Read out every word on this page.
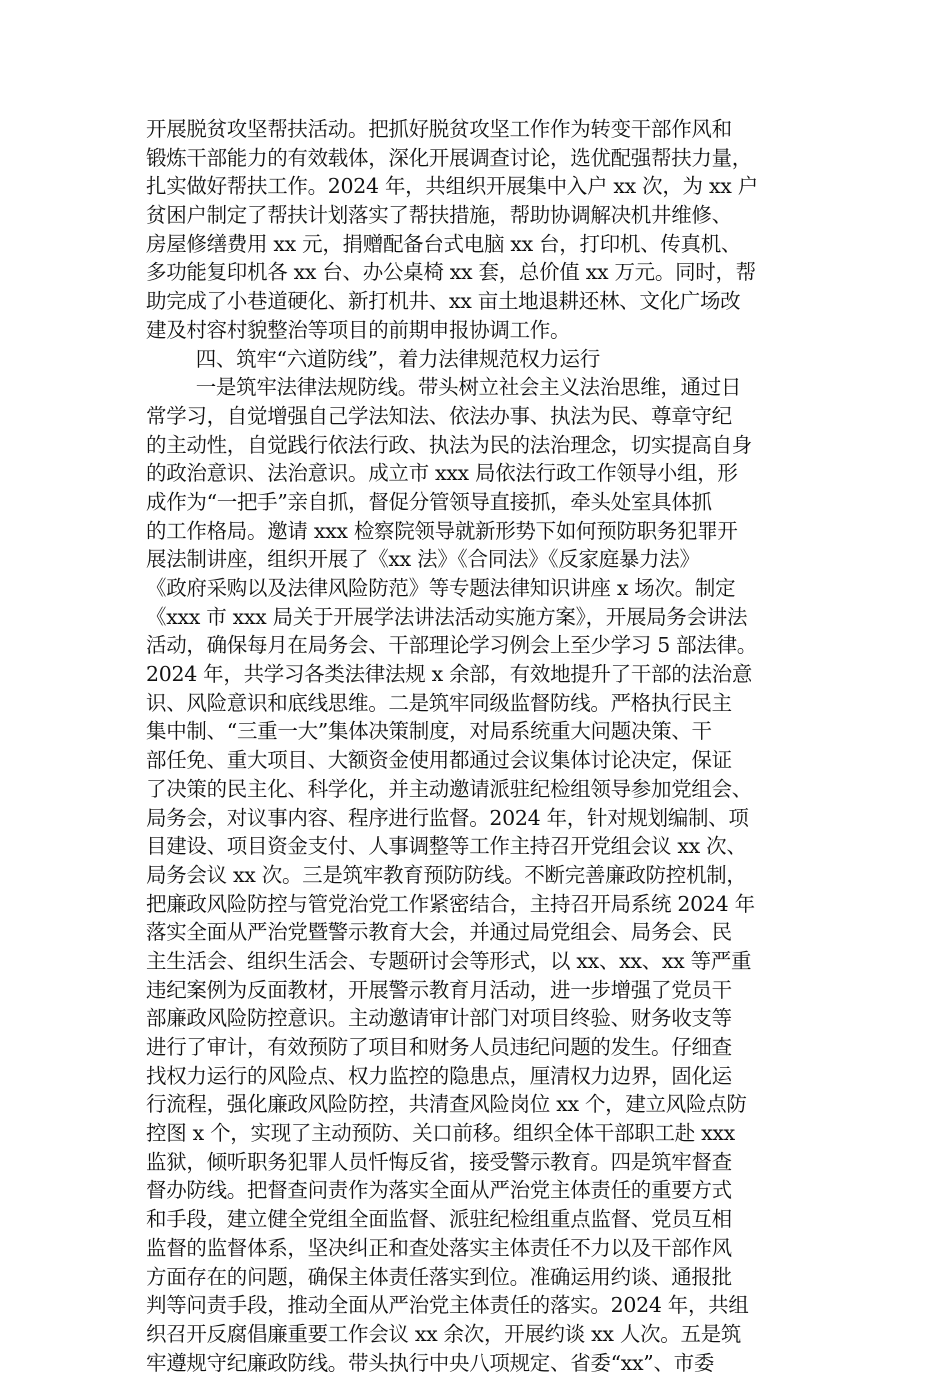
开展脱贫攻坚帮扶活动。把抓好脱贫攻坚工作作为转变干部作风和
锻炼干部能力的有效载体，深化开展调查讨论，选优配强帮扶力量，
扎实做好帮扶工作。2024 年，共组织开展集中入户 xx 次，为 xx 户
贫困户制定了帮扶计划落实了帮扶措施，帮助协调解决机井维修、
房屋修缮费用 xx 元，捐赠配备台式电脑 xx 台，打印机、传真机、
多功能复印机各 xx 台、办公桌椅 xx 套，总价值 xx 万元。同时，帮
助完成了小巷道硬化、新打机井、xx 亩土地退耕还林、文化广场改
建及村容村貌整治等项目的前期申报协调工作。
四、筑牢“六道防线”，着力法律规范权力运行
一是筑牢法律法规防线。带头树立社会主义法治思维，通过日
常学习，自觉增强自己学法知法、依法办事、执法为民、尊章守纪
的主动性，自觉践行依法行政、执法为民的法治理念，切实提高自身
的政治意识、法治意识。成立市 xxx 局依法行政工作领导小组，形
成作为“一把手”亲自抓，督促分管领导直接抓，牵头处室具体抓
的工作格局。邀请 xxx 检察院领导就新形势下如何预防职务犯罪开
展法制讲座，组织开展了《xx 法》《合同法》《反家庭暴力法》
《政府采购以及法律风险防范》等专题法律知识讲座 x 场次。制定
《xxx 市 xxx 局关于开展学法讲法活动实施方案》，开展局务会讲法
活动，确保每月在局务会、干部理论学习例会上至少学习 5 部法律。
2024 年，共学习各类法律法规 x 余部，有效地提升了干部的法治意
识、风险意识和底线思维。二是筑牢同级监督防线。严格执行民主
集中制、“三重一大”集体决策制度，对局系统重大问题决策、干
部任免、重大项目、大额资金使用都通过会议集体讨论决定，保证
了决策的民主化、科学化，并主动邀请派驻纪检组领导参加党组会、
局务会，对议事内容、程序进行监督。2024 年，针对规划编制、项
目建设、项目资金支付、人事调整等工作主持召开党组会议 xx 次、
局务会议 xx 次。三是筑牢教育预防防线。不断完善廉政防控机制，
把廉政风险防控与管党治党工作紧密结合，主持召开局系统 2024 年
落实全面从严治党暨警示教育大会，并通过局党组会、局务会、民
主生活会、组织生活会、专题研讨会等形式，以 xx、xx、xx 等严重
违纪案例为反面教材，开展警示教育月活动，进一步增强了党员干
部廉政风险防控意识。主动邀请审计部门对项目终验、财务收支等
进行了审计，有效预防了项目和财务人员违纪问题的发生。仔细查
找权力运行的风险点、权力监控的隐患点，厘清权力边界，固化运
行流程，强化廉政风险防控，共清查风险岗位 xx 个，建立风险点防
控图 x 个，实现了主动预防、关口前移。组织全体干部职工赴 xxx
监狱，倾听职务犯罪人员忏悔反省，接受警示教育。四是筑牢督查
督办防线。把督查问责作为落实全面从严治党主体责任的重要方式
和手段，建立健全党组全面监督、派驻纪检组重点监督、党员互相
监督的监督体系，坚决纠正和查处落实主体责任不力以及干部作风
方面存在的问题，确保主体责任落实到位。准确运用约谈、通报批
判等问责手段，推动全面从严治党主体责任的落实。2024 年，共组
织召开反腐倡廉重要工作会议 xx 余次，开展约谈 xx 人次。五是筑
牢遵规守纪廉政防线。带头执行中央八项规定、省委“xx”、市委
